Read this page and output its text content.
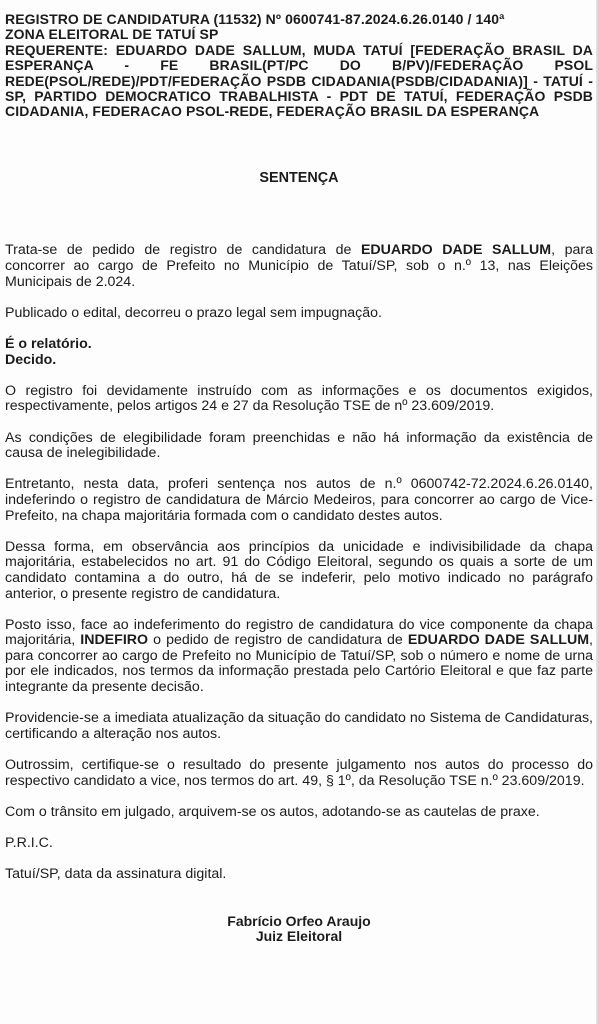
REGISTRO DE CANDIDATURA (11532) Nº 0600741-87.2024.6.26.0140 / 140ª
ZONA ELEITORAL DE TATUÍ SP
REQUERENTE: EDUARDO DADE SALLUM, MUDA TATUÍ [FEDERAÇÃO BRASIL DA ESPERANÇA - FE BRASIL(PT/PC DO B/PV)/FEDERAÇÃO PSOL REDE(PSOL/REDE)/PDT/FEDERAÇÃO PSDB CIDADANIA(PSDB/CIDADANIA)] - TATUÍ - SP, PARTIDO DEMOCRATICO TRABALHISTA - PDT DE TATUÍ, FEDERAÇÃO PSDB CIDADANIA, FEDERACAO PSOL-REDE, FEDERAÇÃO BRASIL DA ESPERANÇA
SENTENÇA

Trata-se de pedido de registro de candidatura de EDUARDO DADE SALLUM, para concorrer ao cargo de Prefeito no Município de Tatuí/SP, sob o n.º 13, nas Eleições Municipais de 2.024.

Publicado o edital, decorreu o prazo legal sem impugnação.

É o relatório.
Decido.

O registro foi devidamente instruído com as informações e os documentos exigidos, respectivamente, pelos artigos 24 e 27 da Resolução TSE de nº 23.609/2019.

As condições de elegibilidade foram preenchidas e não há informação da existência de causa de inelegibilidade.

Entretanto, nesta data, proferi sentença nos autos de n.º 0600742-72.2024.6.26.0140, indeferindo o registro de candidatura de Márcio Medeiros, para concorrer ao cargo de Vice-Prefeito, na chapa majoritária formada com o candidato destes autos.

Dessa forma, em observância aos princípios da unicidade e indivisibilidade da chapa majoritária, estabelecidos no art. 91 do Código Eleitoral, segundo os quais a sorte de um candidato contamina a do outro, há de se indeferir, pelo motivo indicado no parágrafo anterior, o presente registro de candidatura.

Posto isso, face ao indeferimento do registro de candidatura do vice componente da chapa majoritária, INDEFIRO o pedido de registro de candidatura de EDUARDO DADE SALLUM, para concorrer ao cargo de Prefeito no Município de Tatuí/SP, sob o número e nome de urna por ele indicados, nos termos da informação prestada pelo Cartório Eleitoral e que faz parte integrante da presente decisão.

Providencie-se a imediata atualização da situação do candidato no Sistema de Candidaturas, certificando a alteração nos autos.

Outrossim, certifique-se o resultado do presente julgamento nos autos do processo do respectivo candidato a vice, nos termos do art. 49, § 1º, da Resolução TSE n.º 23.609/2019.

Com o trânsito em julgado, arquivem-se os autos, adotando-se as cautelas de praxe.

P.R.I.C.

Tatuí/SP, data da assinatura digital.

Fabrício Orfeo Araujo
Juiz Eleitoral
